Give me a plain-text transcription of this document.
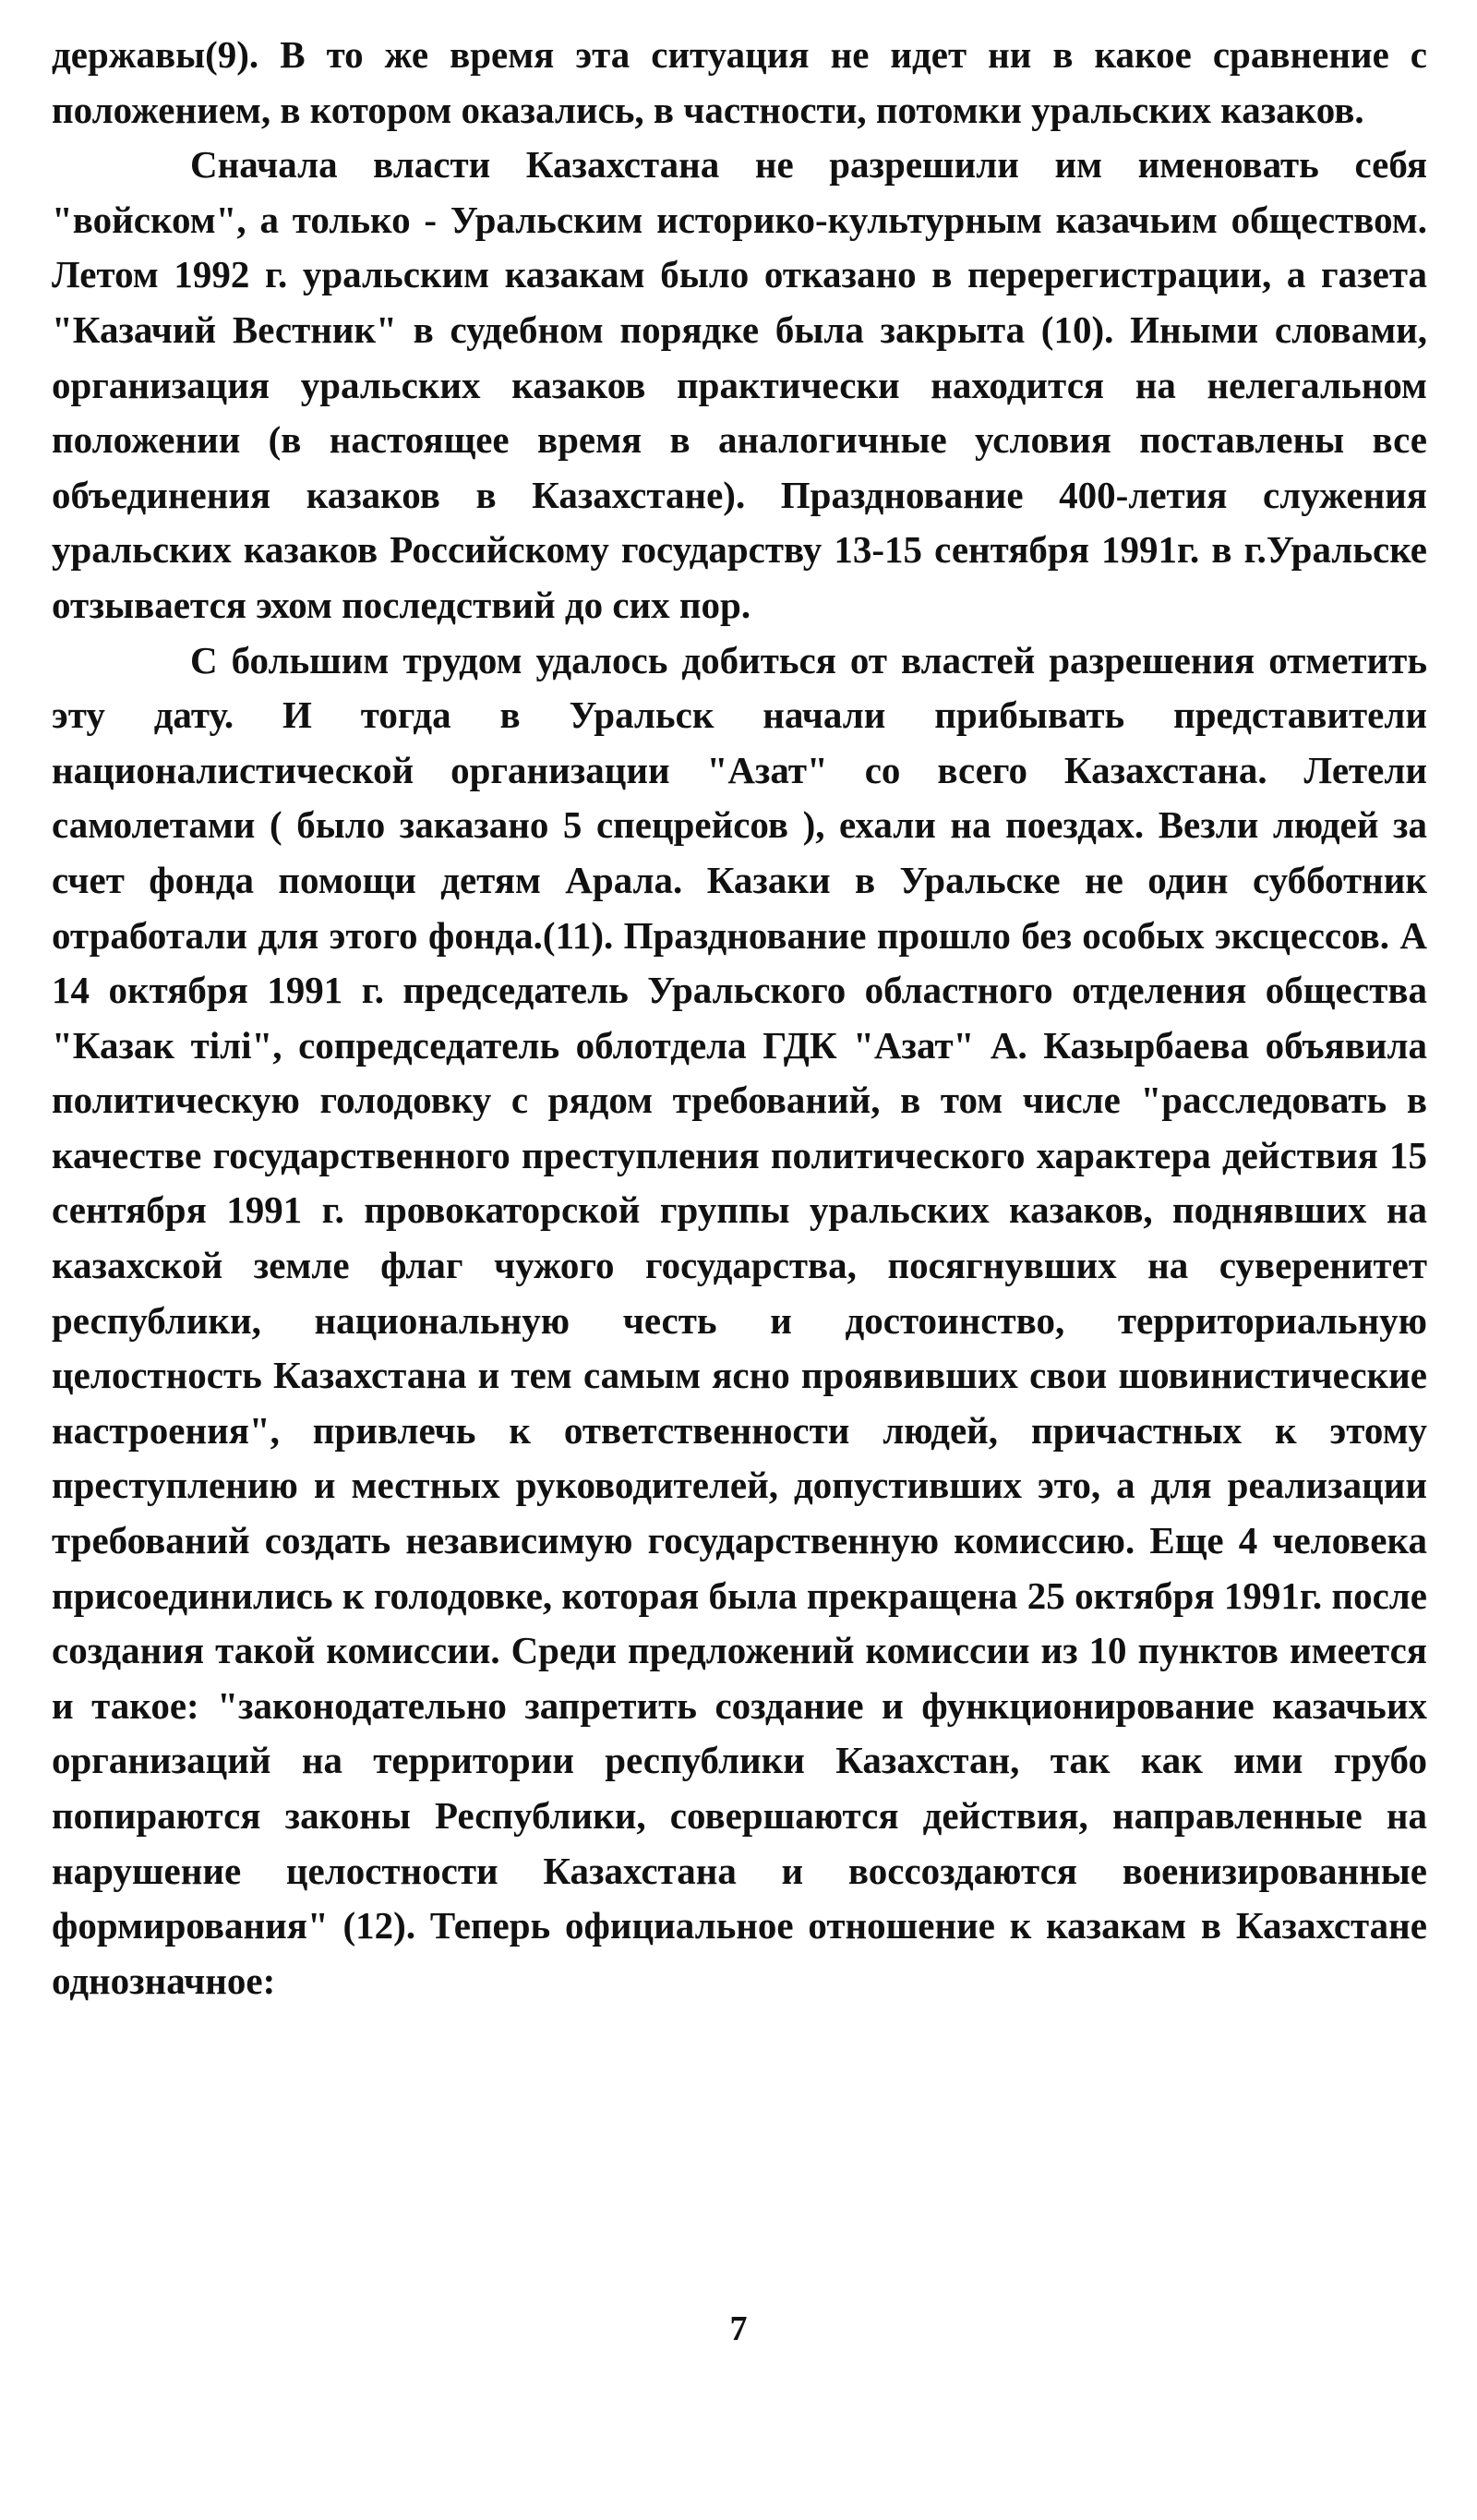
державы(9). В то же время эта ситуация не идет ни в какое сравнение с положением, в котором оказались, в частности, потомки уральских казаков.

Сначала власти Казахстана не разрешили им именовать себя "войском", а только - Уральским историко-культурным казачьим обществом. Летом 1992 г. уральским казакам было отказано в перерегистрации, а газета "Казачий Вестник" в судебном порядке была закрыта (10). Иными словами, организация уральских казаков практически находится на нелегальном положении (в настоящее время в аналогичные условия поставлены все объединения казаков в Казахстане). Празднование 400-летия служения уральских казаков Российскому государству 13-15 сентября 1991г. в г.Уральске отзывается эхом последствий до сих пор.

С большим трудом удалось добиться от властей разрешения отметить эту дату. И тогда в Уральск начали прибывать представители националистической организации "Азат" со всего Казахстана. Летели самолетами ( было заказано 5 спецрейсов ), ехали на поездах. Везли людей за счет фонда помощи детям Арала. Казаки в Уральске не один субботник отработали для этого фонда.(11). Празднование прошло без особых эксцессов. А 14 октября 1991 г. председатель Уральского областного отделения общества "Казак тілі", сопредседатель облотдела ГДК "Азат" А. Казырбаева объявила политическую голодовку с рядом требований, в том числе "расследовать в качестве государственного преступления политического характера действия 15 сентября 1991 г. провокаторской группы уральских казаков, поднявших на казахской земле флаг чужого государства, посягнувших на суверенитет республики, национальную честь и достоинство, территориальную целостность Казахстана и тем самым ясно проявивших свои шовинистические настроения", привлечь к ответственности людей, причастных к этому преступлению и местных руководителей, допустивших это, а для реализации требований создать независимую государственную комиссию. Еще 4 человека присоединились к голодовке, которая была прекращена 25 октября 1991г. после создания такой комиссии. Среди предложений комиссии из 10 пунктов имеется и такое: "законодательно запретить создание и функционирование казачьих организаций на территории республики Казахстан, так как ими грубо попираются законы Республики, совершаются действия, направленные на нарушение целостности Казахстана и воссоздаются военизированные формирования" (12). Теперь официальное отношение к казакам в Казахстане однозначное:

7
